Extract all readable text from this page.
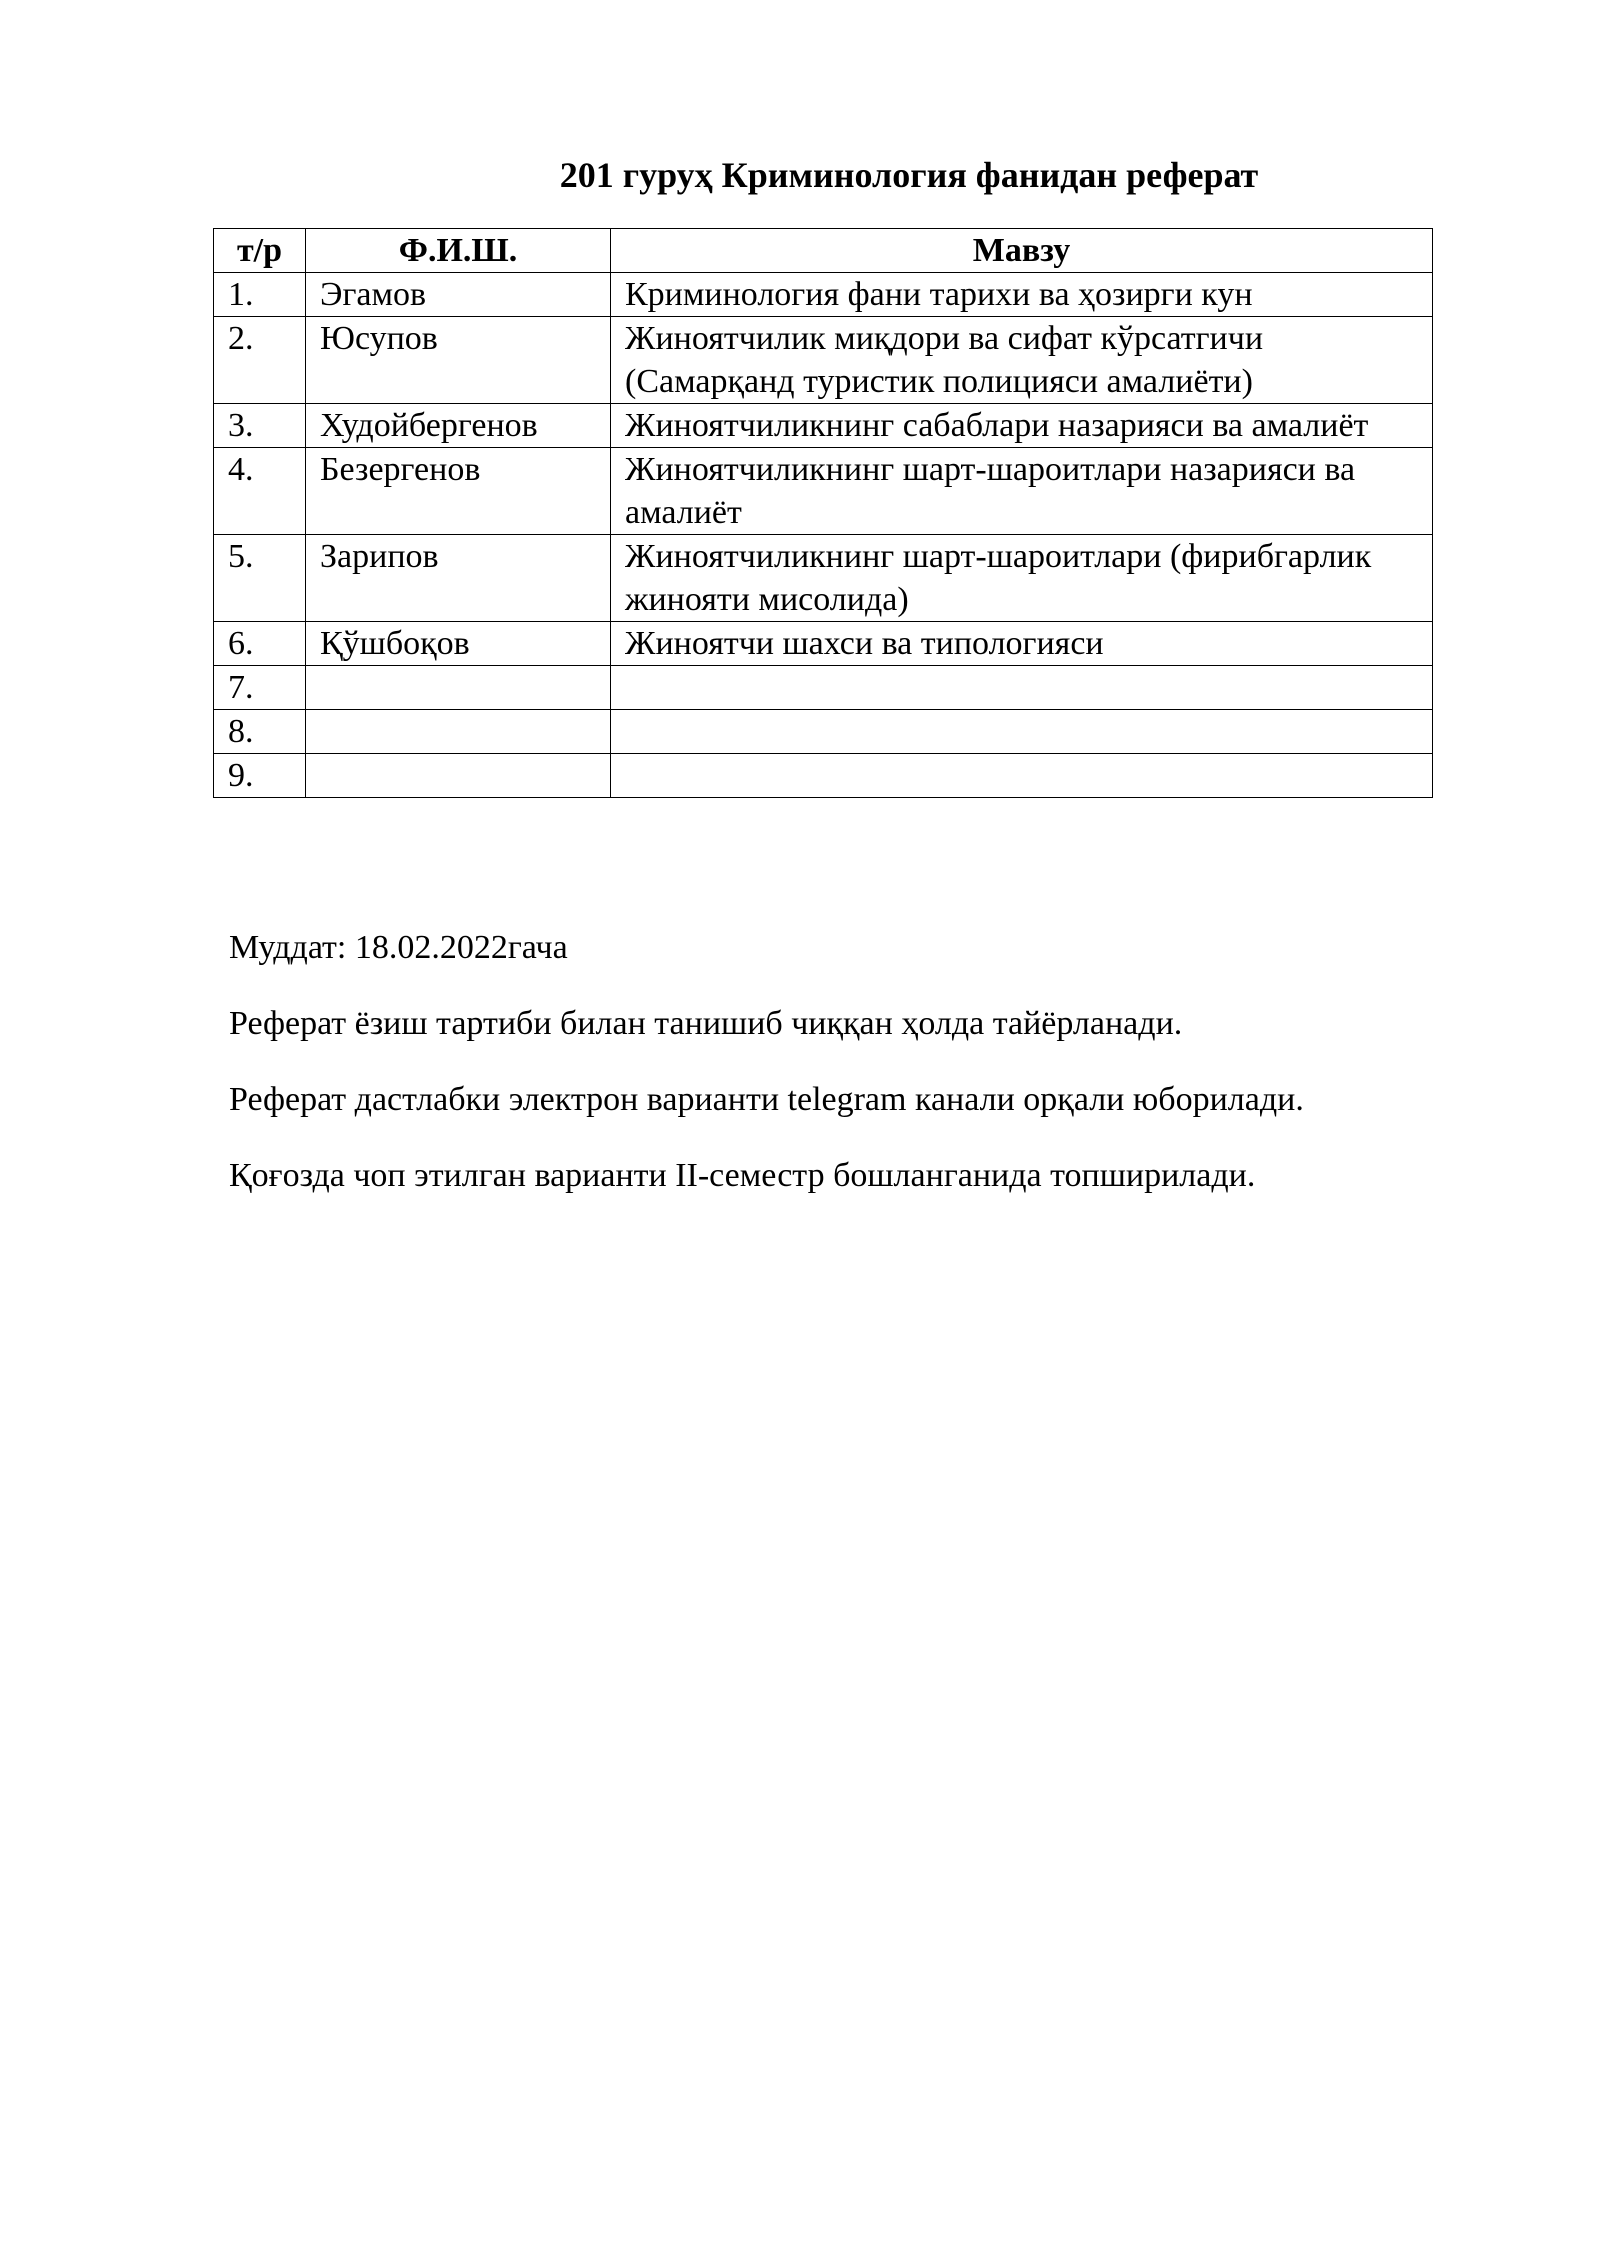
201 гуруҳ Криминология фанидан реферат
т/р	Ф.И.Ш.	Мавзу
1.	Эгамов	Криминология фани тарихи ва ҳозирги кун
2.	Юсупов	Жиноятчилик миқдори ва сифат кўрсатгичи (Самарқанд туристик полицияси амалиёти)
3.	Худойбергенов	Жиноятчиликнинг сабаблари назарияси ва амалиёт
4.	Безергенов	Жиноятчиликнинг шарт-шароитлари назарияси ва амалиёт
5.	Зарипов	Жиноятчиликнинг шарт-шароитлари (фирибгарлик жинояти мисолида)
6.	Қўшбоқов	Жиноятчи шахси ва типологияси
7.		
8.		
9.		

Муддат: 18.02.2022гача

Реферат ёзиш тартиби билан танишиб чиққан ҳолда тайёрланади.

Реферат дастлабки электрон варианти telegram канали орқали юборилади.

Қоғозда чоп этилган варианти II-семестр бошланганида топширилади.
